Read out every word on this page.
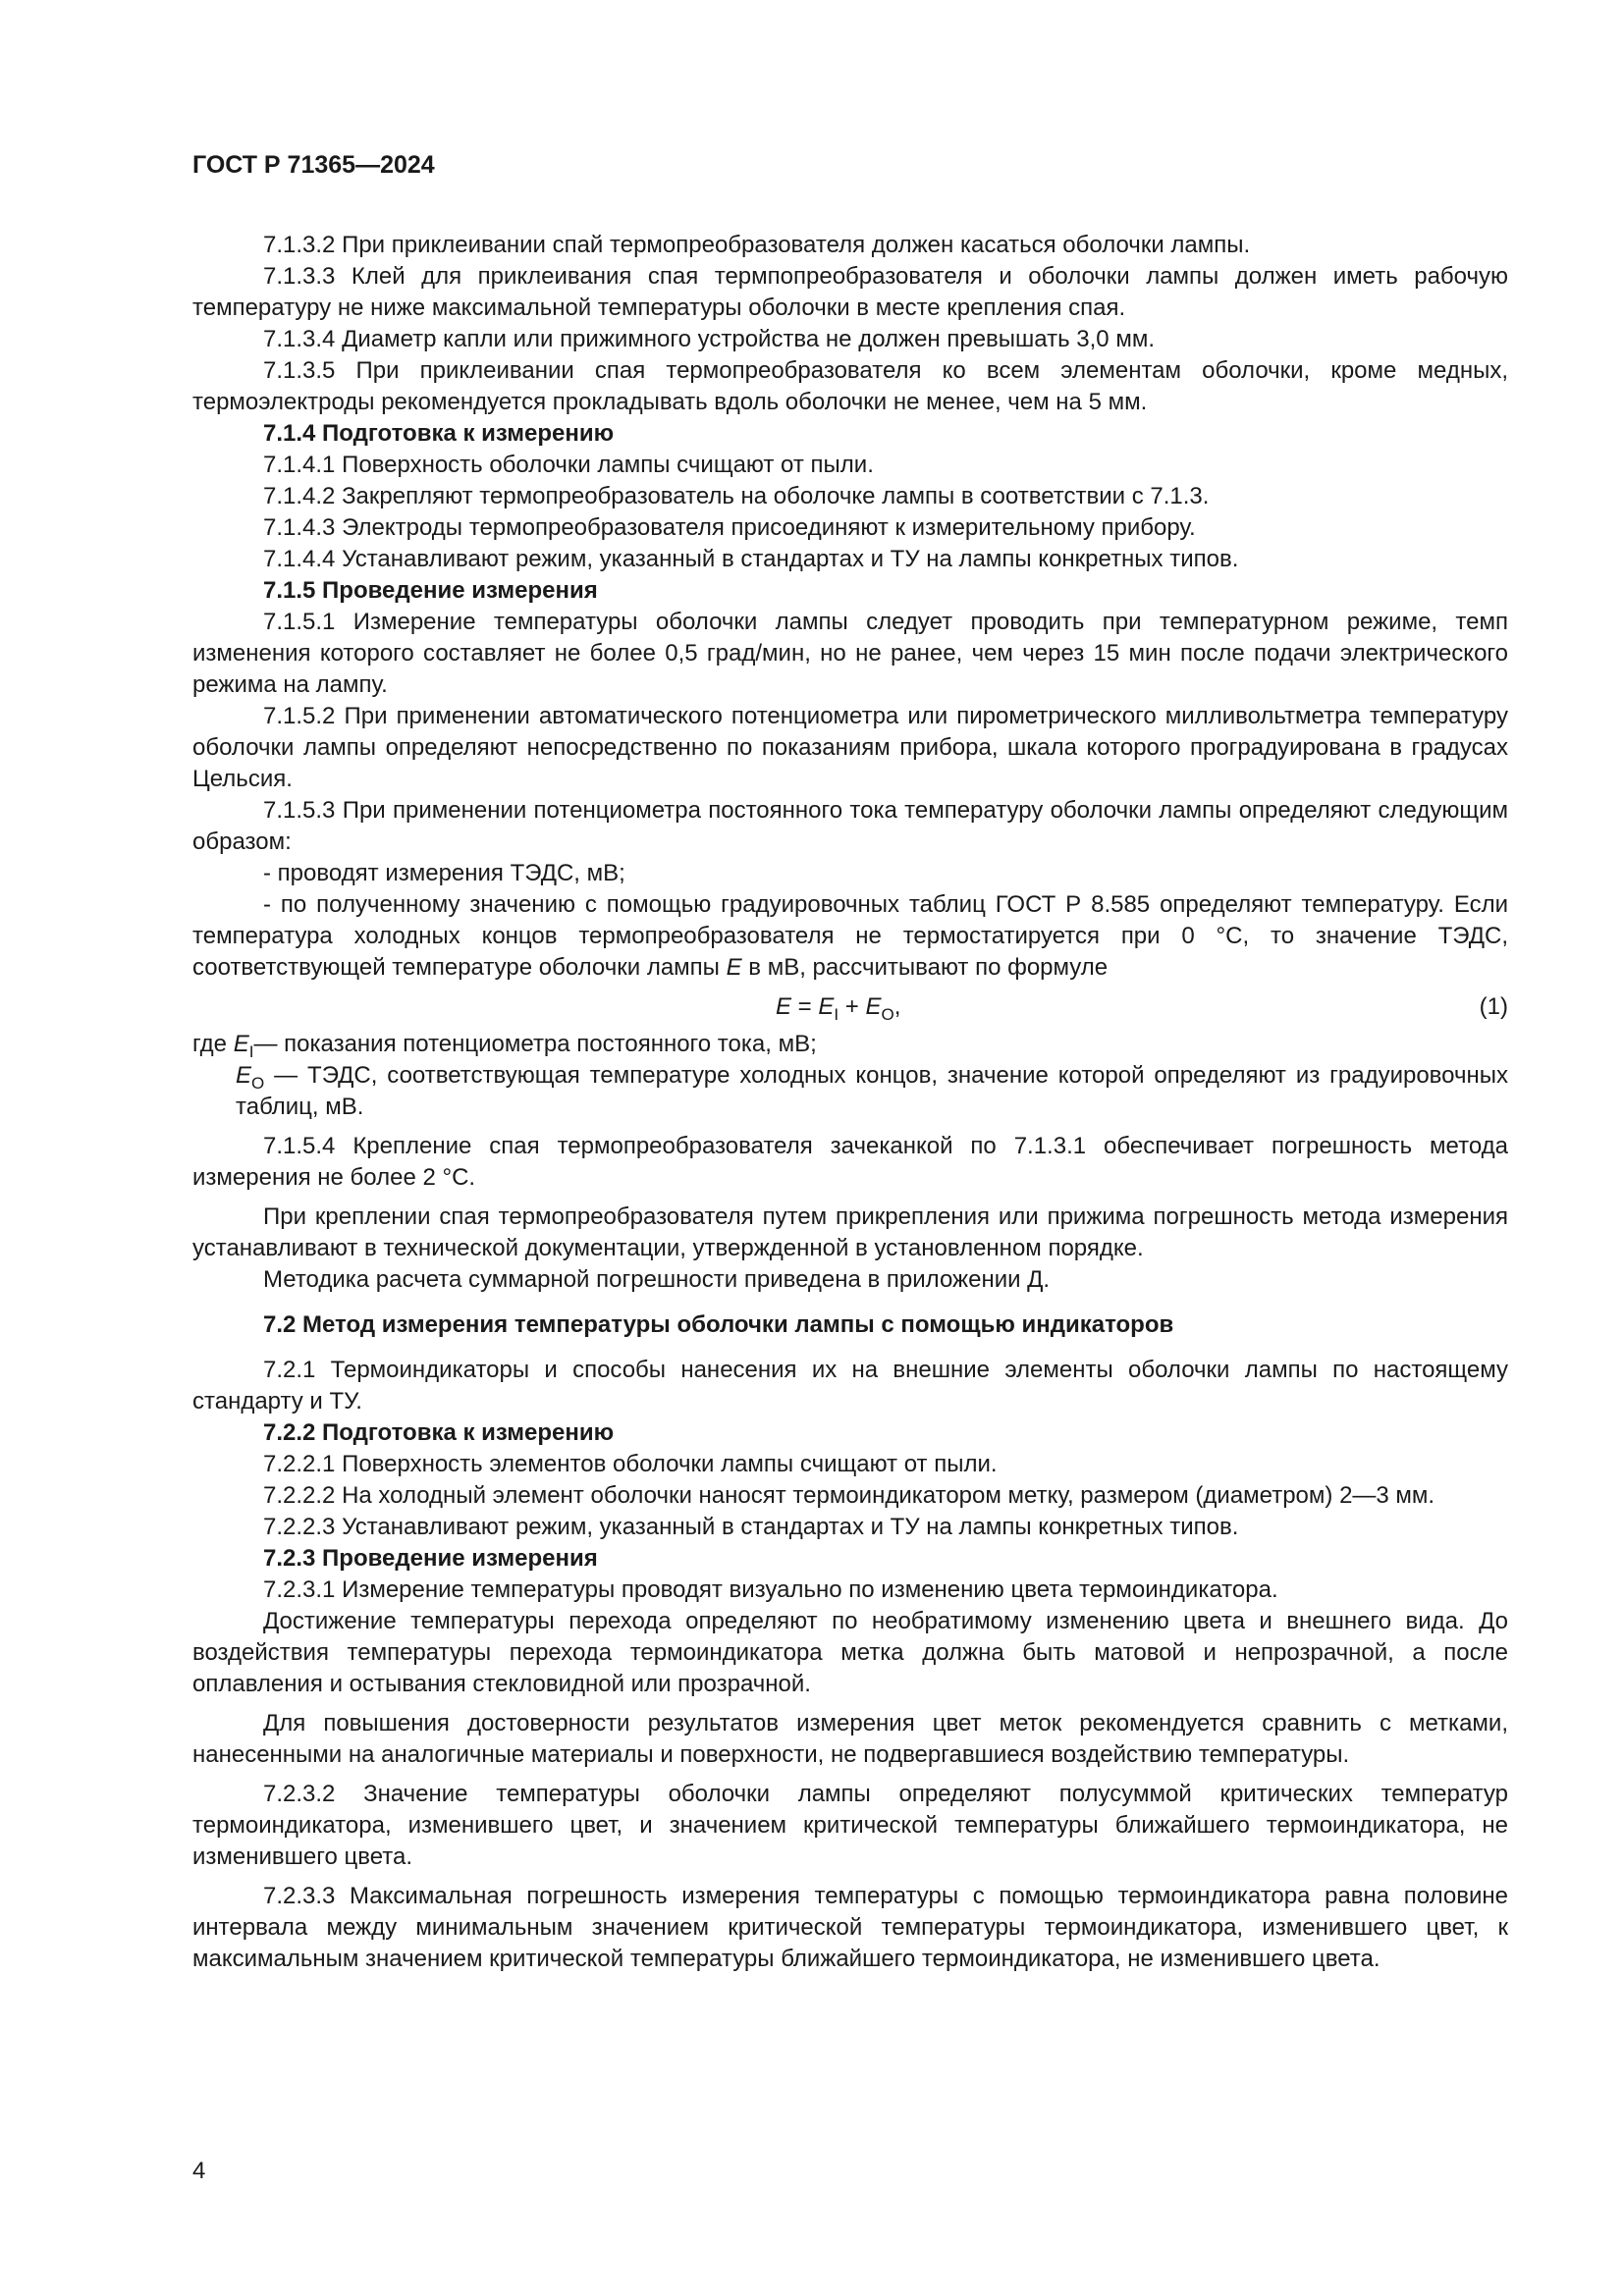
ГОСТ Р 71365—2024

7.1.3.2 При приклеивании спай термопреобразователя должен касаться оболочки лампы.

7.1.3.3 Клей для приклеивания спая термпопреобразователя и оболочки лампы должен иметь рабочую температуру не ниже максимальной температуры оболочки в месте крепления спая.

7.1.3.4 Диаметр капли или прижимного устройства не должен превышать 3,0 мм.

7.1.3.5 При приклеивании спая термопреобразователя ко всем элементам оболочки, кроме медных, термоэлектроды рекомендуется прокладывать вдоль оболочки не менее, чем на 5 мм.

7.1.4 Подготовка к измерению

7.1.4.1 Поверхность оболочки лампы счищают от пыли.

7.1.4.2 Закрепляют термопреобразователь на оболочке лампы в соответствии с 7.1.3.

7.1.4.3 Электроды термопреобразователя присоединяют к измерительному прибору.

7.1.4.4 Устанавливают режим, указанный в стандартах и ТУ на лампы конкретных типов.

7.1.5 Проведение измерения

7.1.5.1 Измерение температуры оболочки лампы следует проводить при температурном режиме, темп изменения которого составляет не более 0,5 град/мин, но не ранее, чем через 15 мин после подачи электрического режима на лампу.

7.1.5.2 При применении автоматического потенциометра или пирометрического милливольтметра температуру оболочки лампы определяют непосредственно по показаниям прибора, шкала которого проградуирована в градусах Цельсия.

7.1.5.3 При применении потенциометра постоянного тока температуру оболочки лампы определяют следующим образом:

- проводят измерения ТЭДС, мВ;

- по полученному значению с помощью градуировочных таблиц ГОСТ Р 8.585 определяют температуру. Если температура холодных концов термопреобразователя не термостатируется при 0 °С, то значение ТЭДС, соответствующей температуре оболочки лампы E в мВ, рассчитывают по формуле

$E = E_I + E_O$,	(1)
где $E_I$ — показания потенциометра постоянного тока, мВ;
$E_O$ — ТЭДС, соответствующая температуре холодных концов, значение которой определяют из градуировочных таблиц, мВ.

7.1.5.4 Крепление спая термопреобразователя зачеканкой по 7.1.3.1 обеспечивает погрешность метода измерения не более 2 °С.

При креплении спая термопреобразователя путем прикрепления или прижима погрешность метода измерения устанавливают в технической документации, утвержденной в установленном порядке.

Методика расчета суммарной погрешности приведена в приложении Д.

7.2 Метод измерения температуры оболочки лампы с помощью индикаторов

7.2.1 Термоиндикаторы и способы нанесения их на внешние элементы оболочки лампы по настоящему стандарту и ТУ.

7.2.2 Подготовка к измерению

7.2.2.1 Поверхность элементов оболочки лампы счищают от пыли.

7.2.2.2 На холодный элемент оболочки наносят термоиндикатором метку, размером (диаметром) 2—3 мм.

7.2.2.3 Устанавливают режим, указанный в стандартах и ТУ на лампы конкретных типов.

7.2.3 Проведение измерения

7.2.3.1 Измерение температуры проводят визуально по изменению цвета термоиндикатора.

Достижение температуры перехода определяют по необратимому изменению цвета и внешнего вида. До воздействия температуры перехода термоиндикатора метка должна быть матовой и непрозрачной, а после оплавления и остывания стекловидной или прозрачной.

Для повышения достоверности результатов измерения цвет меток рекомендуется сравнить с метками, нанесенными на аналогичные материалы и поверхности, не подвергавшиеся воздействию температуры.

7.2.3.2 Значение температуры оболочки лампы определяют полусуммой критических температур термоиндикатора, изменившего цвет, и значением критической температуры ближайшего термоиндикатора, не изменившего цвета.

7.2.3.3 Максимальная погрешность измерения температуры с помощью термоиндикатора равна половине интервала между минимальным значением критической температуры термоиндикатора, изменившего цвет, к максимальным значением критической температуры ближайшего термоиндикатора, не изменившего цвета.

4
